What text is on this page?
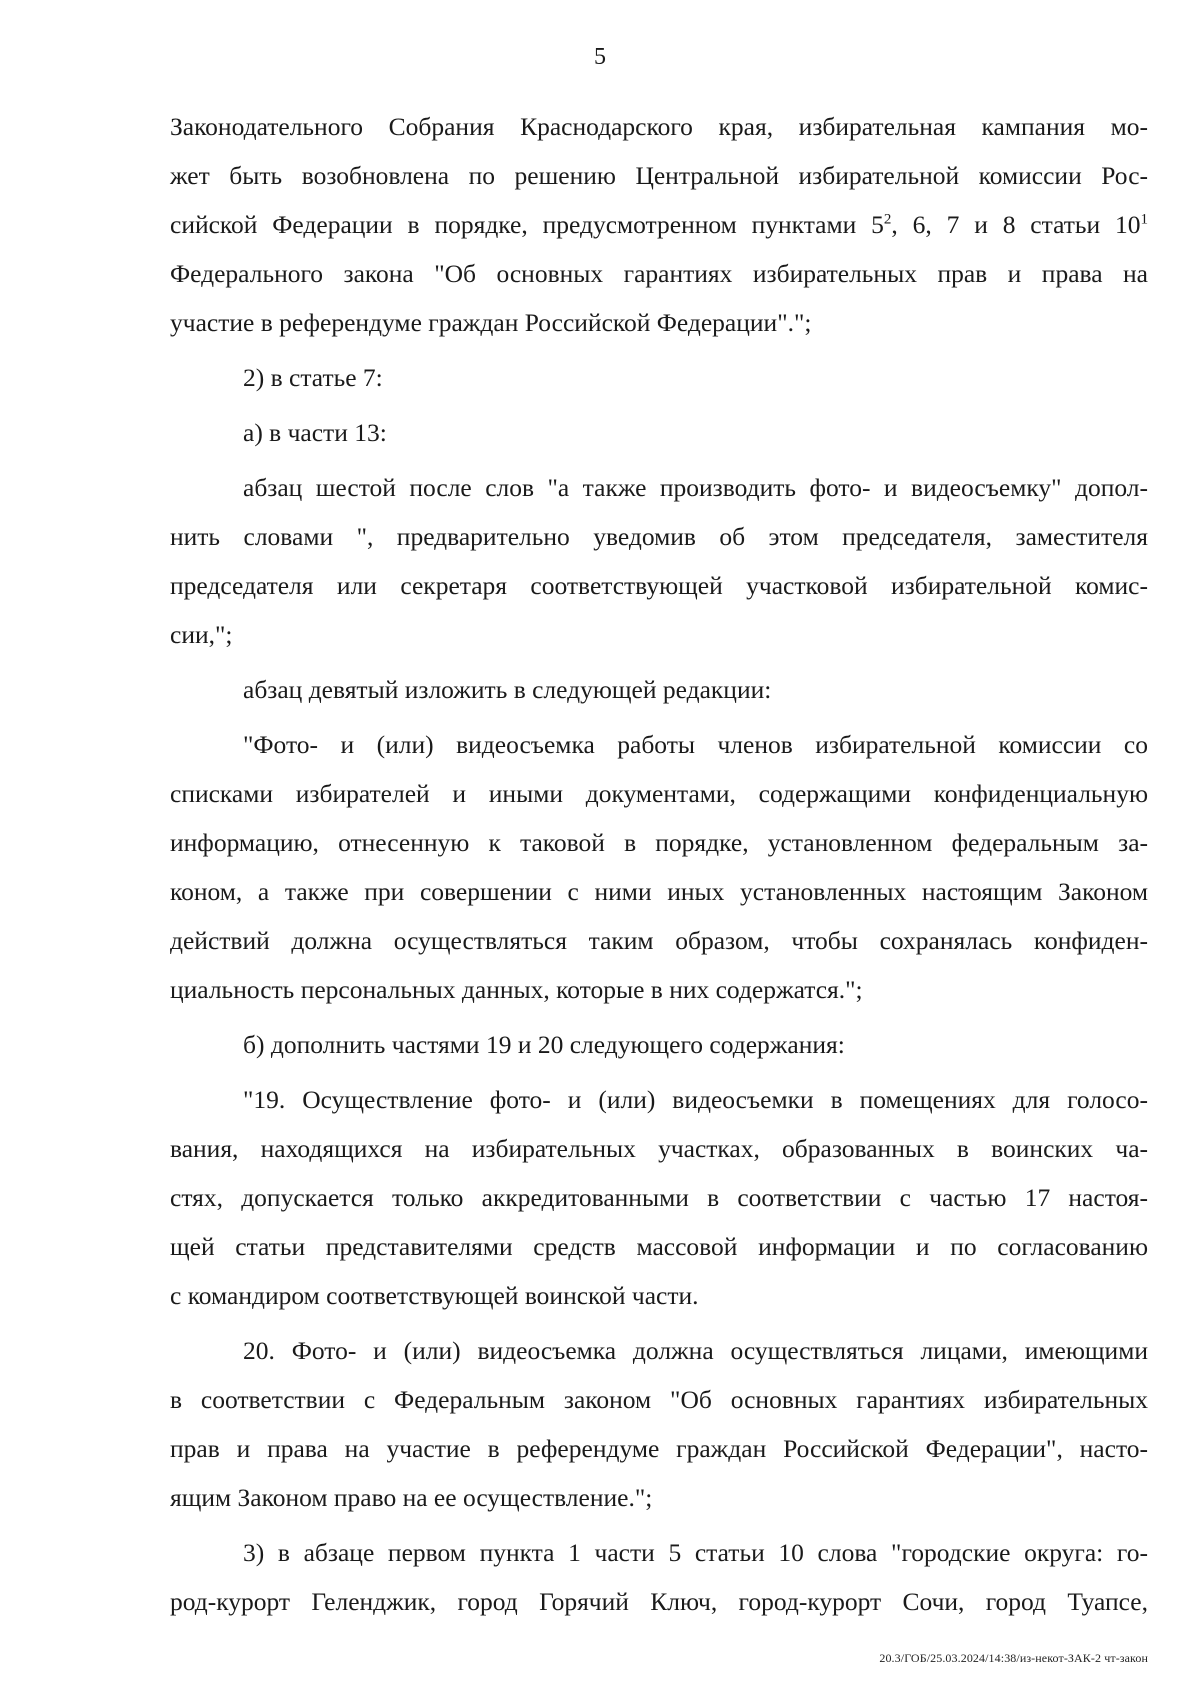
5
Законодательного Собрания Краснодарского края, избирательная кампания мо-
жет быть возобновлена по решению Центральной избирательной комиссии Рос-
сийской Федерации в порядке, предусмотренном пунктами $5^2$, 6, 7 и 8 статьи $10^1$
Федерального закона "Об основных гарантиях избирательных прав и права на
участие в референдуме граждан Российской Федерации".";
2) в статье 7:
а) в части 13:
абзац шестой после слов "а также производить фото- и видеосъемку" допол-
нить словами ", предварительно уведомив об этом председателя, заместителя
председателя или секретаря соответствующей участковой избирательной комис-
сии,";
абзац девятый изложить в следующей редакции:
"Фото- и (или) видеосъемка работы членов избирательной комиссии со
списками избирателей и иными документами, содержащими конфиденциальную
информацию, отнесенную к таковой в порядке, установленном федеральным за-
коном, а также при совершении с ними иных установленных настоящим Законом
действий должна осуществляться таким образом, чтобы сохранялась конфиден-
циальность персональных данных, которые в них содержатся.";
б) дополнить частями 19 и 20 следующего содержания:
"19. Осуществление фото- и (или) видеосъемки в помещениях для голосо-
вания, находящихся на избирательных участках, образованных в воинских ча-
стях, допускается только аккредитованными в соответствии с частью 17 настоя-
щей статьи представителями средств массовой информации и по согласованию
с командиром соответствующей воинской части.
20. Фото- и (или) видеосъемка должна осуществляться лицами, имеющими
в соответствии с Федеральным законом "Об основных гарантиях избирательных
прав и права на участие в референдуме граждан Российской Федерации", насто-
ящим Законом право на ее осуществление.";
3) в абзаце первом пункта 1 части 5 статьи 10 слова "городские округа: го-
род-курорт Геленджик, город Горячий Ключ, город-курорт Сочи, город Туапсе,
20.3/ГОБ/25.03.2024/14:38/из-некот-ЗАК-2 чт-закон
